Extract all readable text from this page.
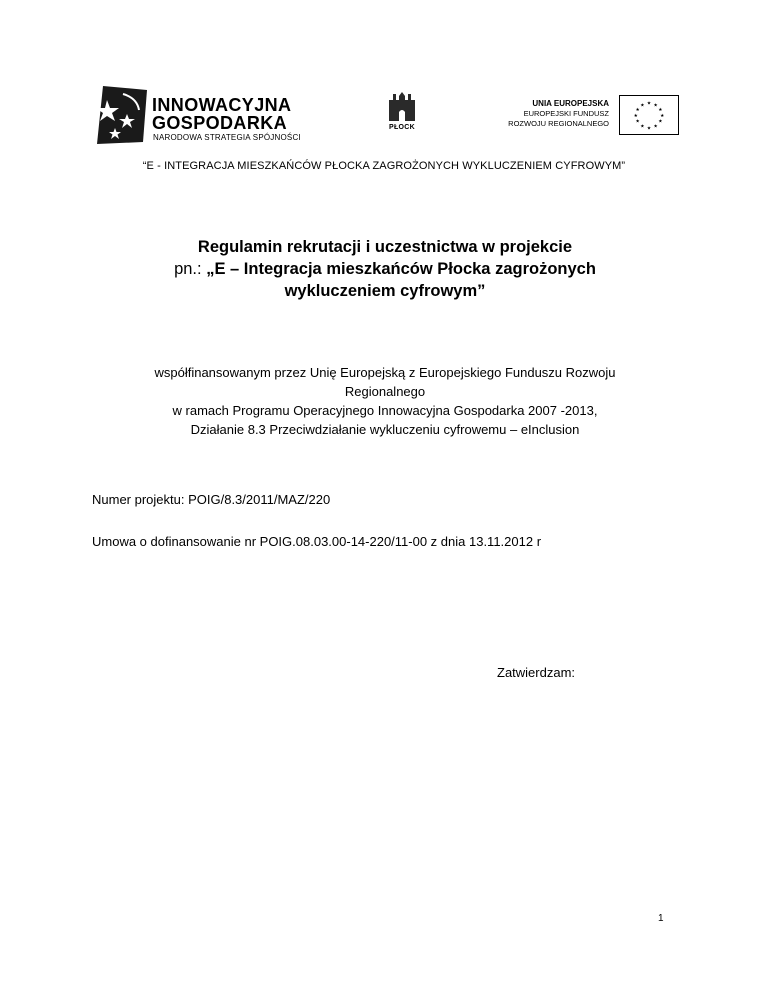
INNOWACYJNA
GOSPODARKA
NARODOWA STRATEGIA SPÓJNOŚCI
PŁOCK
UNIA EUROPEJSKA
EUROPEJSKI FUNDUSZ
ROZWOJU REGIONALNEGO
★ ★
★
★
★
★
★
★
★
★
★
★
“E - INTEGRACJA MIESZKAŃCÓW PŁOCKA ZAGROŻONYCH WYKLUCZENIEM CYFROWYM”
Regulamin rekrutacji i uczestnictwa w projekcie
pn.: „E – Integracja mieszkańców Płocka zagrożonych
wykluczeniem cyfrowym”
współfinansowanym przez Unię Europejską z Europejskiego Funduszu Rozwoju
Regionalnego
w ramach Programu Operacyjnego Innowacyjna Gospodarka 2007 -2013,
Działanie 8.3 Przeciwdziałanie wykluczeniu cyfrowemu – eInclusion
Numer projektu: POIG/8.3/2011/MAZ/220
Umowa o dofinansowanie nr POIG.08.03.00-14-220/11-00 z dnia 13.11.2012 r
Zatwierdzam:
1
